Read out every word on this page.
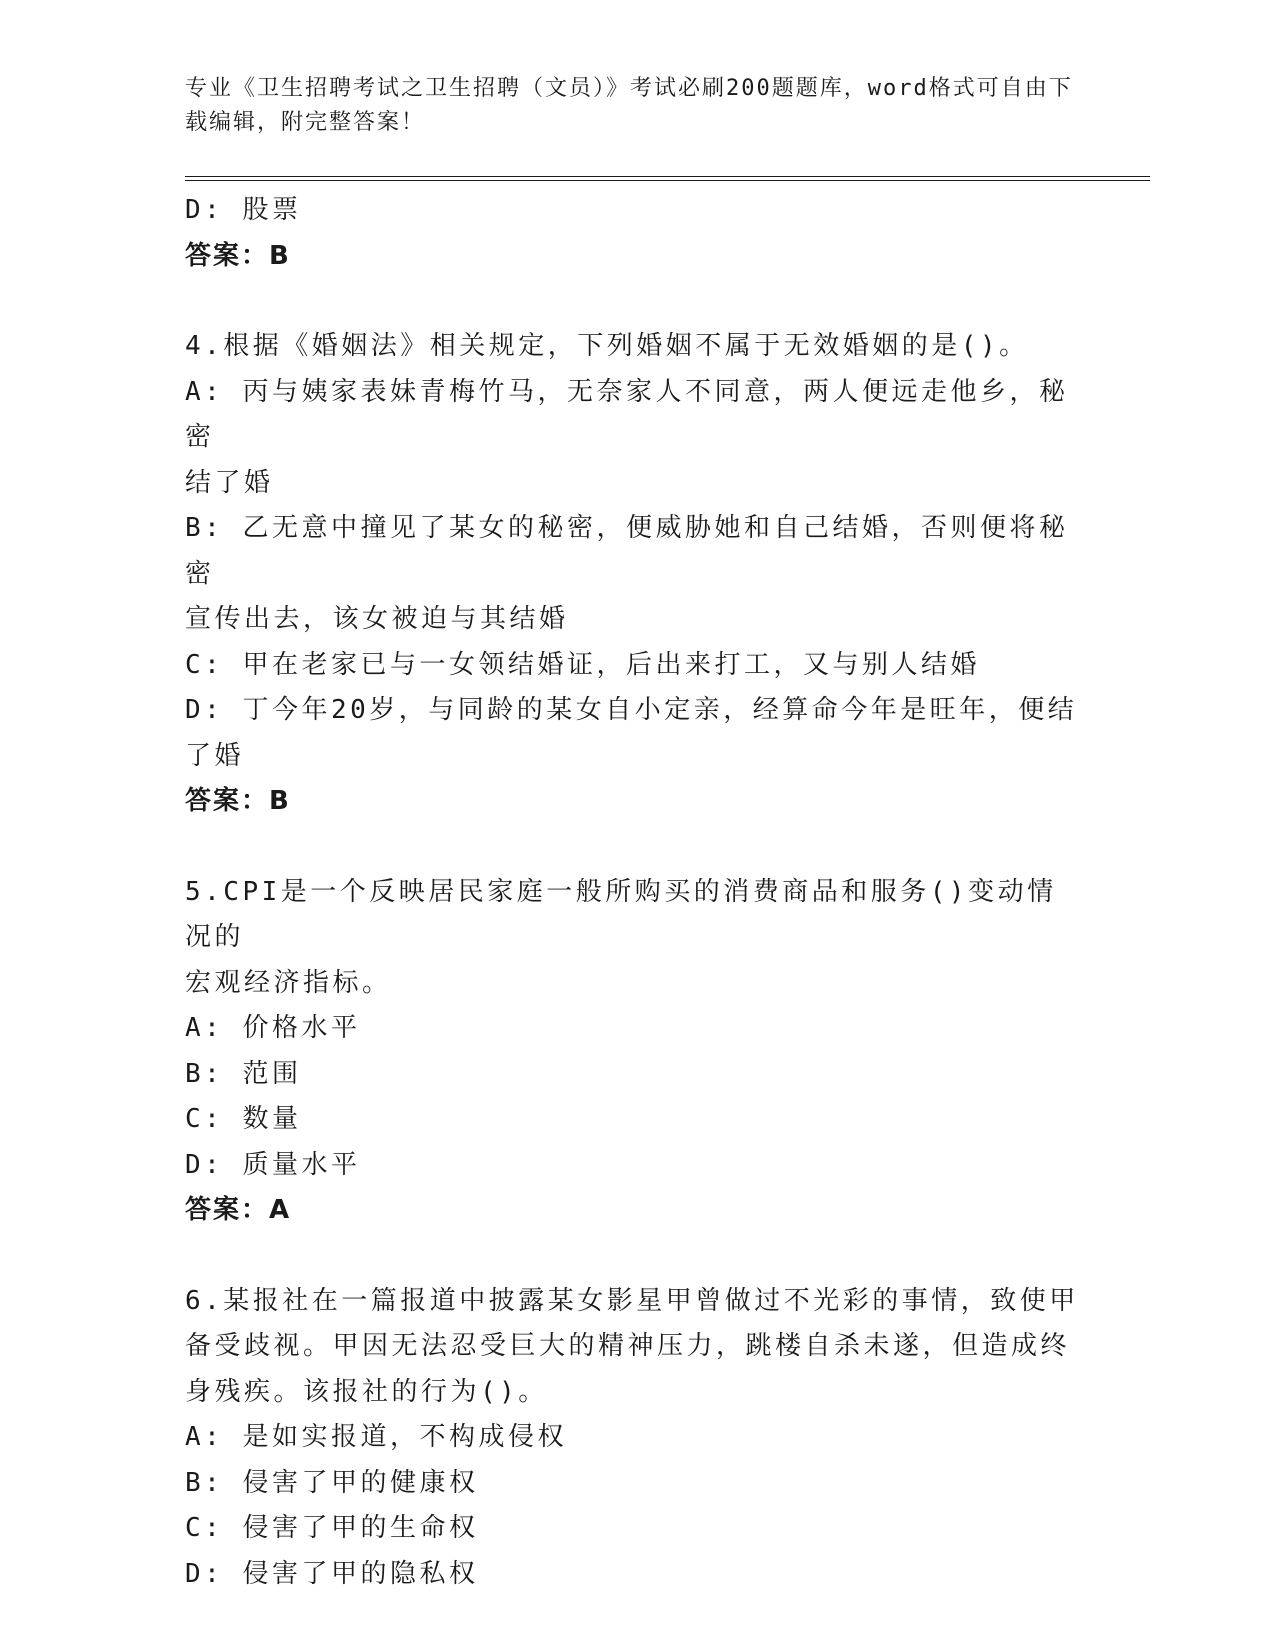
专业《卫生招聘考试之卫生招聘（文员）》考试必刷200题题库，word格式可自由下载编辑，附完整答案！

D: 股票

答案：B

4.根据《婚姻法》相关规定，下列婚姻不属于无效婚姻的是()。

A: 丙与姨家表妹青梅竹马，无奈家人不同意，两人便远走他乡，秘密

结了婚

B: 乙无意中撞见了某女的秘密，便威胁她和自己结婚，否则便将秘密

宣传出去，该女被迫与其结婚

C: 甲在老家已与一女领结婚证，后出来打工，又与别人结婚

D: 丁今年20岁，与同龄的某女自小定亲，经算命今年是旺年，便结

了婚

答案：B

5.CPI是一个反映居民家庭一般所购买的消费商品和服务()变动情况的

宏观经济指标。

A: 价格水平

B: 范围

C: 数量

D: 质量水平

答案：A

6.某报社在一篇报道中披露某女影星甲曾做过不光彩的事情，致使甲

备受歧视。甲因无法忍受巨大的精神压力，跳楼自杀未遂，但造成终

身残疾。该报社的行为()。

A: 是如实报道，不构成侵权

B: 侵害了甲的健康权

C: 侵害了甲的生命权

D: 侵害了甲的隐私权
